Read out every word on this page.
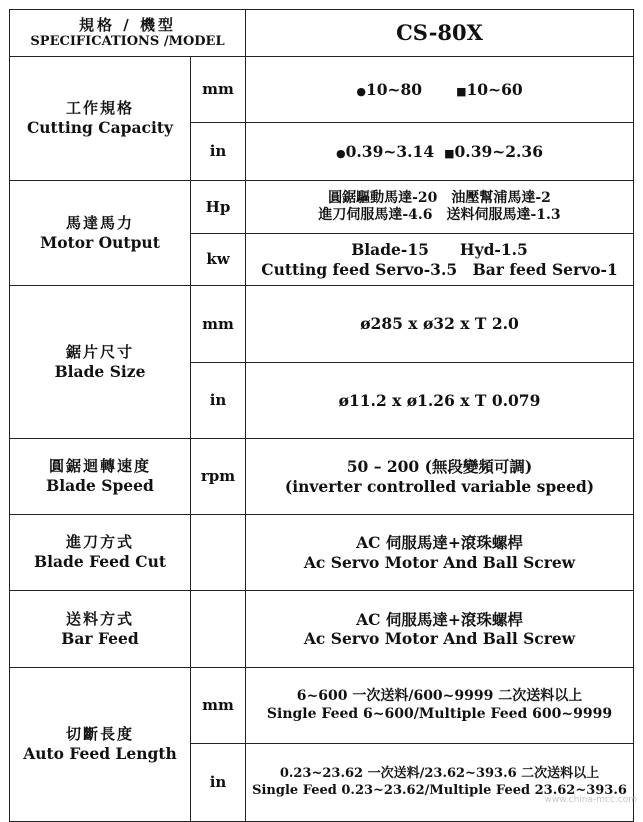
規格 / 機型
SPECIFICATIONS /MODEL		CS-80X

工作規格
Cutting Capacity	mm	●10~80 ■10~60
	in	●0.39~3.14 ■0.39~2.36

馬達馬力
Motor Output	Hp	圓鋸驅動馬達-20　油壓幫浦馬達-2
進刀伺服馬達-4.6　送料伺服馬達-1.3

	kw	Blade-15　　Hyd-1.5
Cutting feed Servo-3.5　Bar feed Servo-1

鋸片尺寸
Blade Size	mm	ø285 x ø32 x T 2.0
	in	ø11.2 x ø1.26 x T 0.079

圓鋸迴轉速度
Blade Speed	rpm	50 – 200 (無段變頻可調)
(inverter controlled variable speed)

進刀方式
Blade Feed Cut		AC 伺服馬達+滾珠螺桿
Ac Servo Motor And Ball Screw

送料方式
Bar Feed		AC 伺服馬達+滾珠螺桿
Ac Servo Motor And Ball Screw

切斷長度
Auto Feed Length	mm	6~600 一次送料/600~9999 二次送料以上
Single Feed 6~600/Multiple Feed 600~9999

	in	0.23~23.62 一次送料/23.62~393.6 二次送料以上
Single Feed 0.23~23.62/Multiple Feed 23.62~393.6
www.china-mcc.com
